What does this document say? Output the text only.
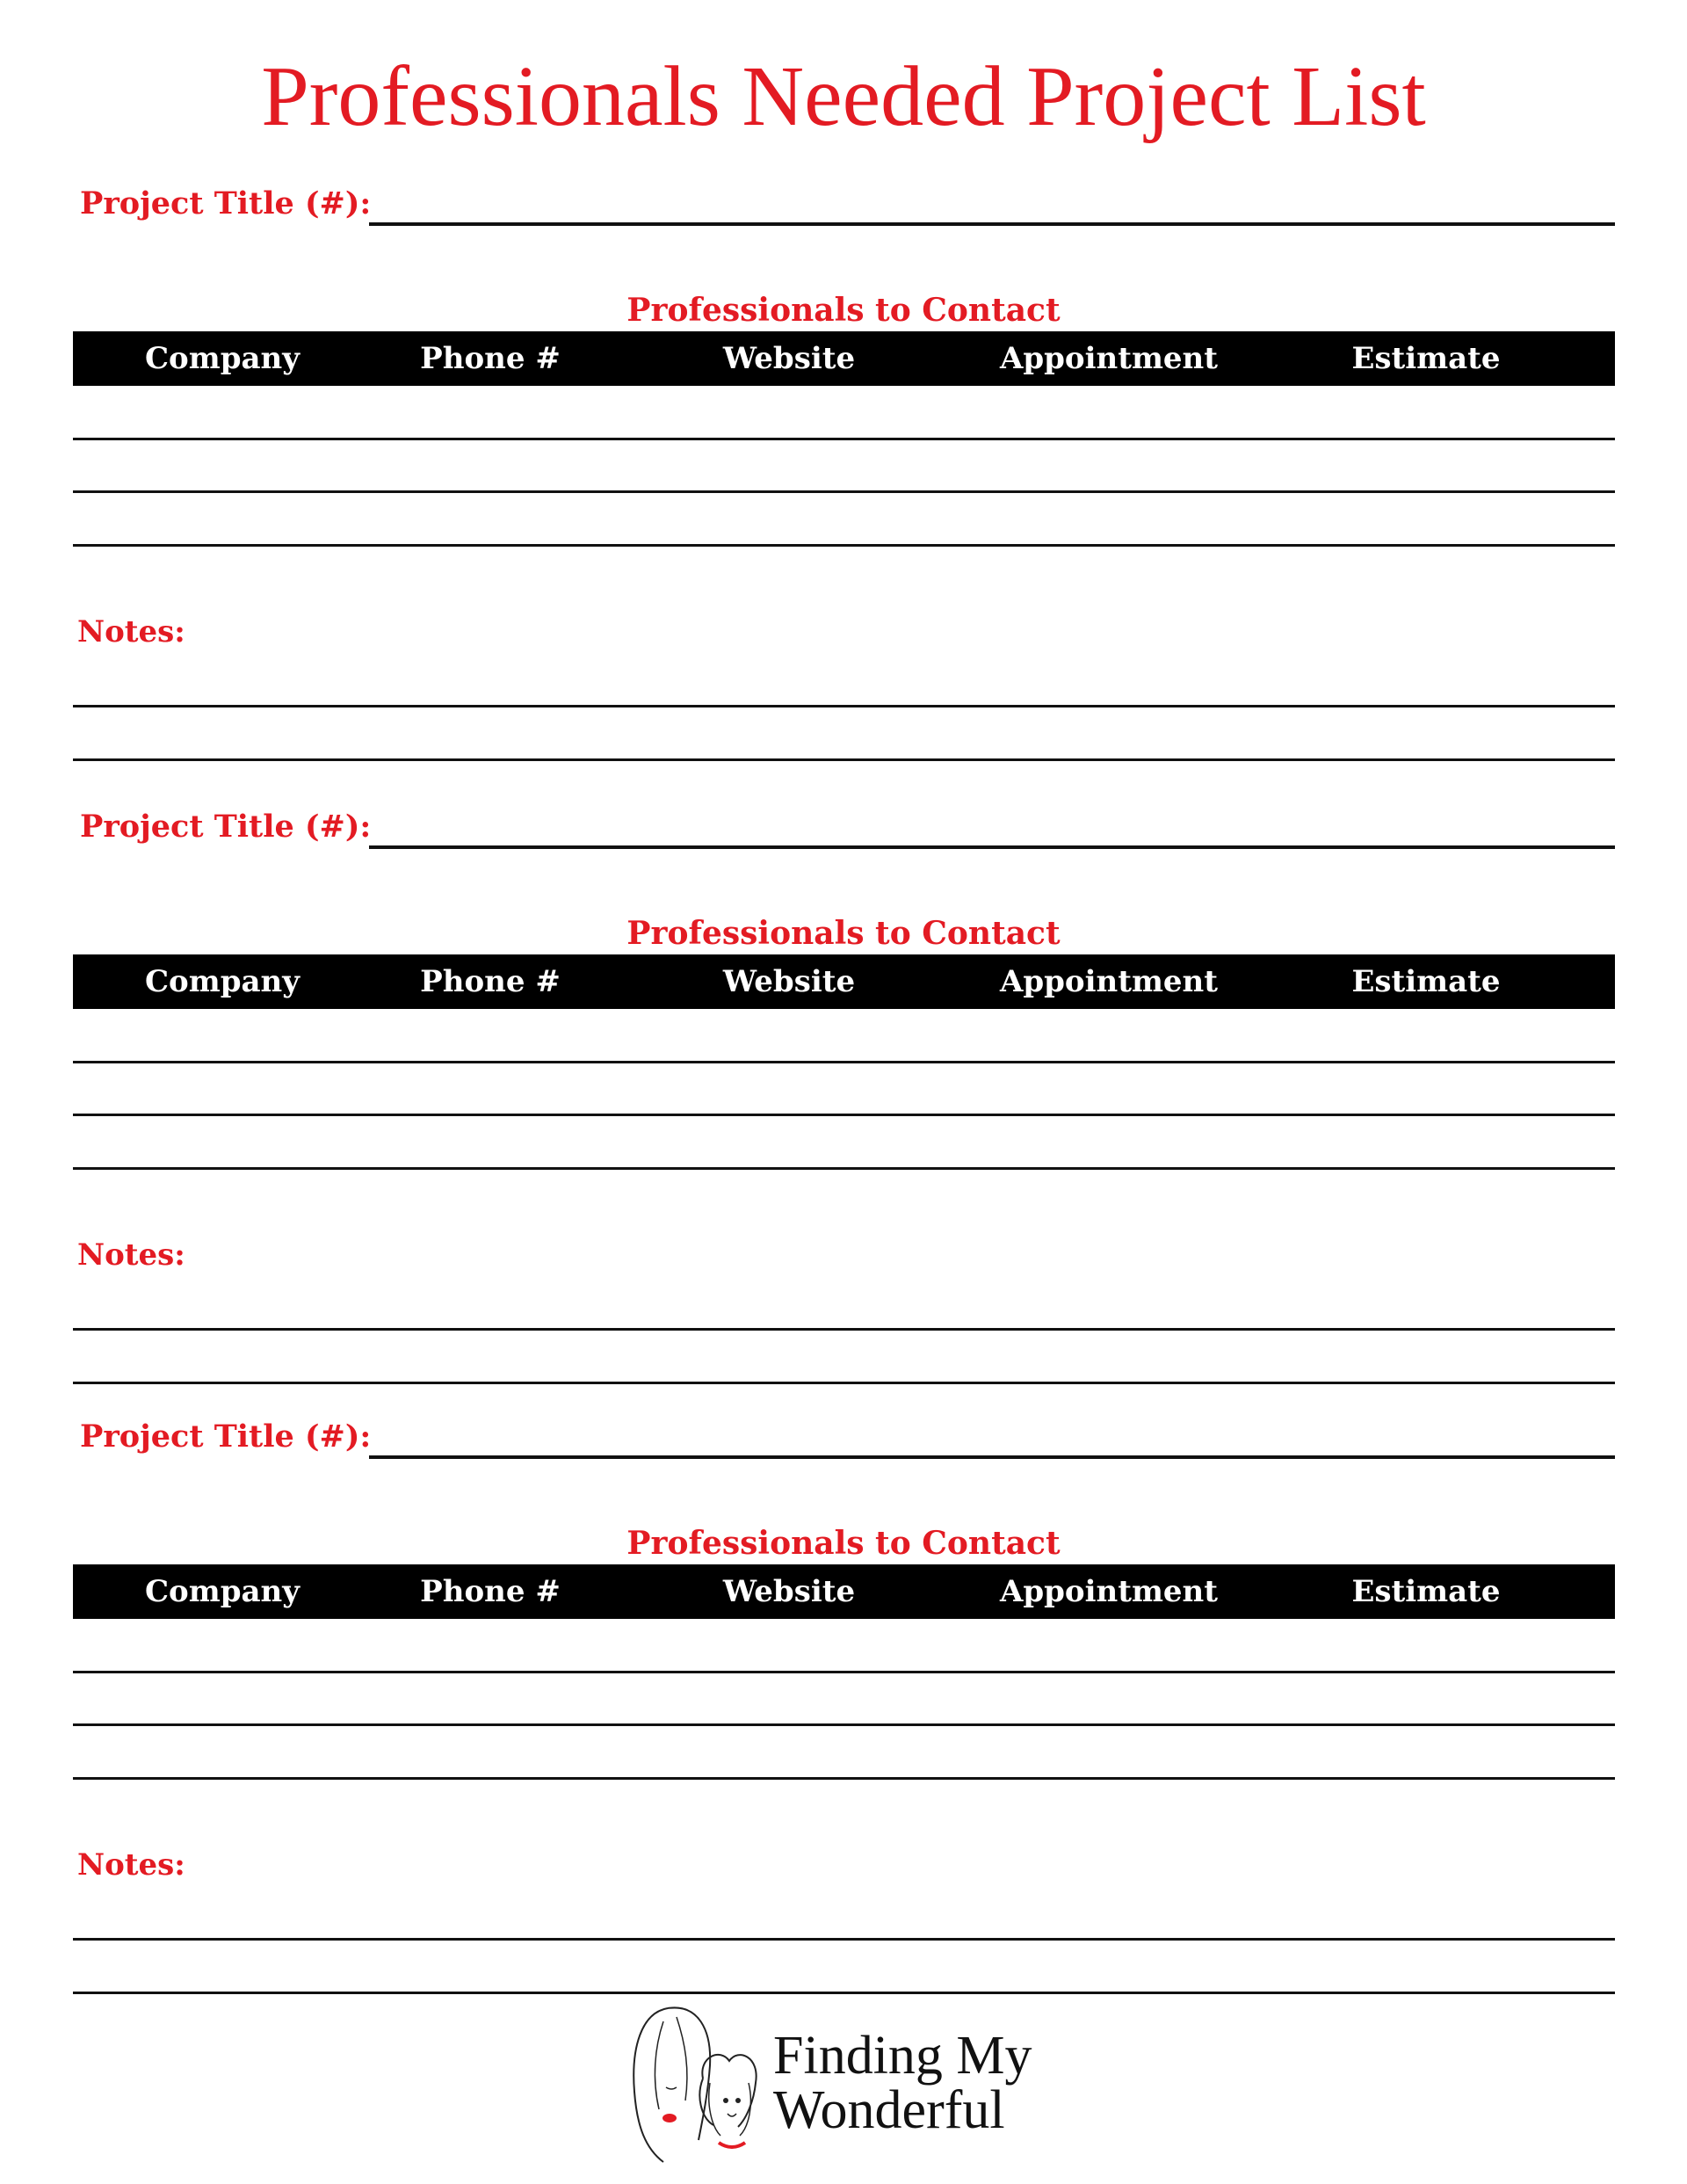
Professionals Needed Project List
Project Title (#):
Professionals to Contact
Company	Phone #	Website	Appointment	Estimate
Notes:
Project Title (#):
Professionals to Contact
Company	Phone #	Website	Appointment	Estimate
Notes:
Project Title (#):
Professionals to Contact
Company	Phone #	Website	Appointment	Estimate
Notes:
Finding My
Wonderful
